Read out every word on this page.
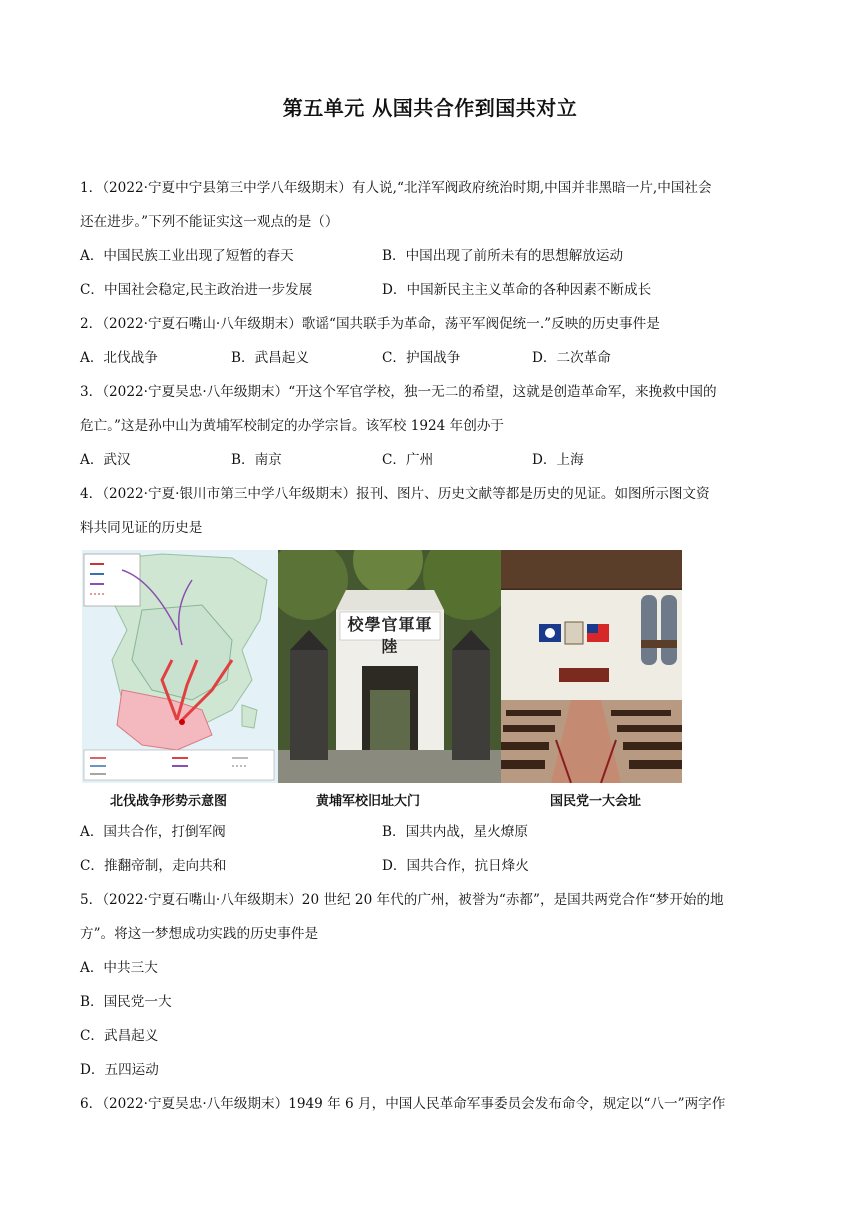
第五单元 从国共合作到国共对立
1．（2022·宁夏中宁县第三中学八年级期末）有人说,“北洋军阀政府统治时期,中国并非黑暗一片,中国社会
还在进步。”下列不能证实这一观点的是（）
A．中国民族工业出现了短暂的春天	B．中国出现了前所未有的思想解放运动
C．中国社会稳定,民主政治进一步发展	D．中国新民主主义革命的各种因素不断成长
2．（2022·宁夏石嘴山·八年级期末）歌谣“国共联手为革命，荡平军阀促统一.”反映的历史事件是
A．北伐战争	B．武昌起义	C．护国战争	D．二次革命
3．（2022·宁夏吴忠·八年级期末）“开这个军官学校，独一无二的希望，这就是创造革命军，来挽救中国的
危亡。”这是孙中山为黄埔军校制定的办学宗旨。该军校 1924 年创办于
A．武汉	B．南京	C．广州	D．上海
4．（2022·宁夏·银川市第三中学八年级期末）报刊、图片、历史文献等都是历史的见证。如图所示图文资
料共同见证的历史是
校學官軍軍陸
北伐战争形势示意图	黄埔军校旧址大门	国民党一大会址
A．国共合作，打倒军阀	B．国共内战，星火燎原
C．推翻帝制，走向共和	D．国共合作，抗日烽火
5．（2022·宁夏石嘴山·八年级期末）20 世纪 20 年代的广州，被誉为“赤都”，是国共两党合作“梦开始的地
方”。将这一梦想成功实践的历史事件是
A．中共三大
B．国民党一大
C．武昌起义
D．五四运动
6．（2022·宁夏吴忠·八年级期末）1949 年 6 月，中国人民革命军事委员会发布命令，规定以“八一”两字作
